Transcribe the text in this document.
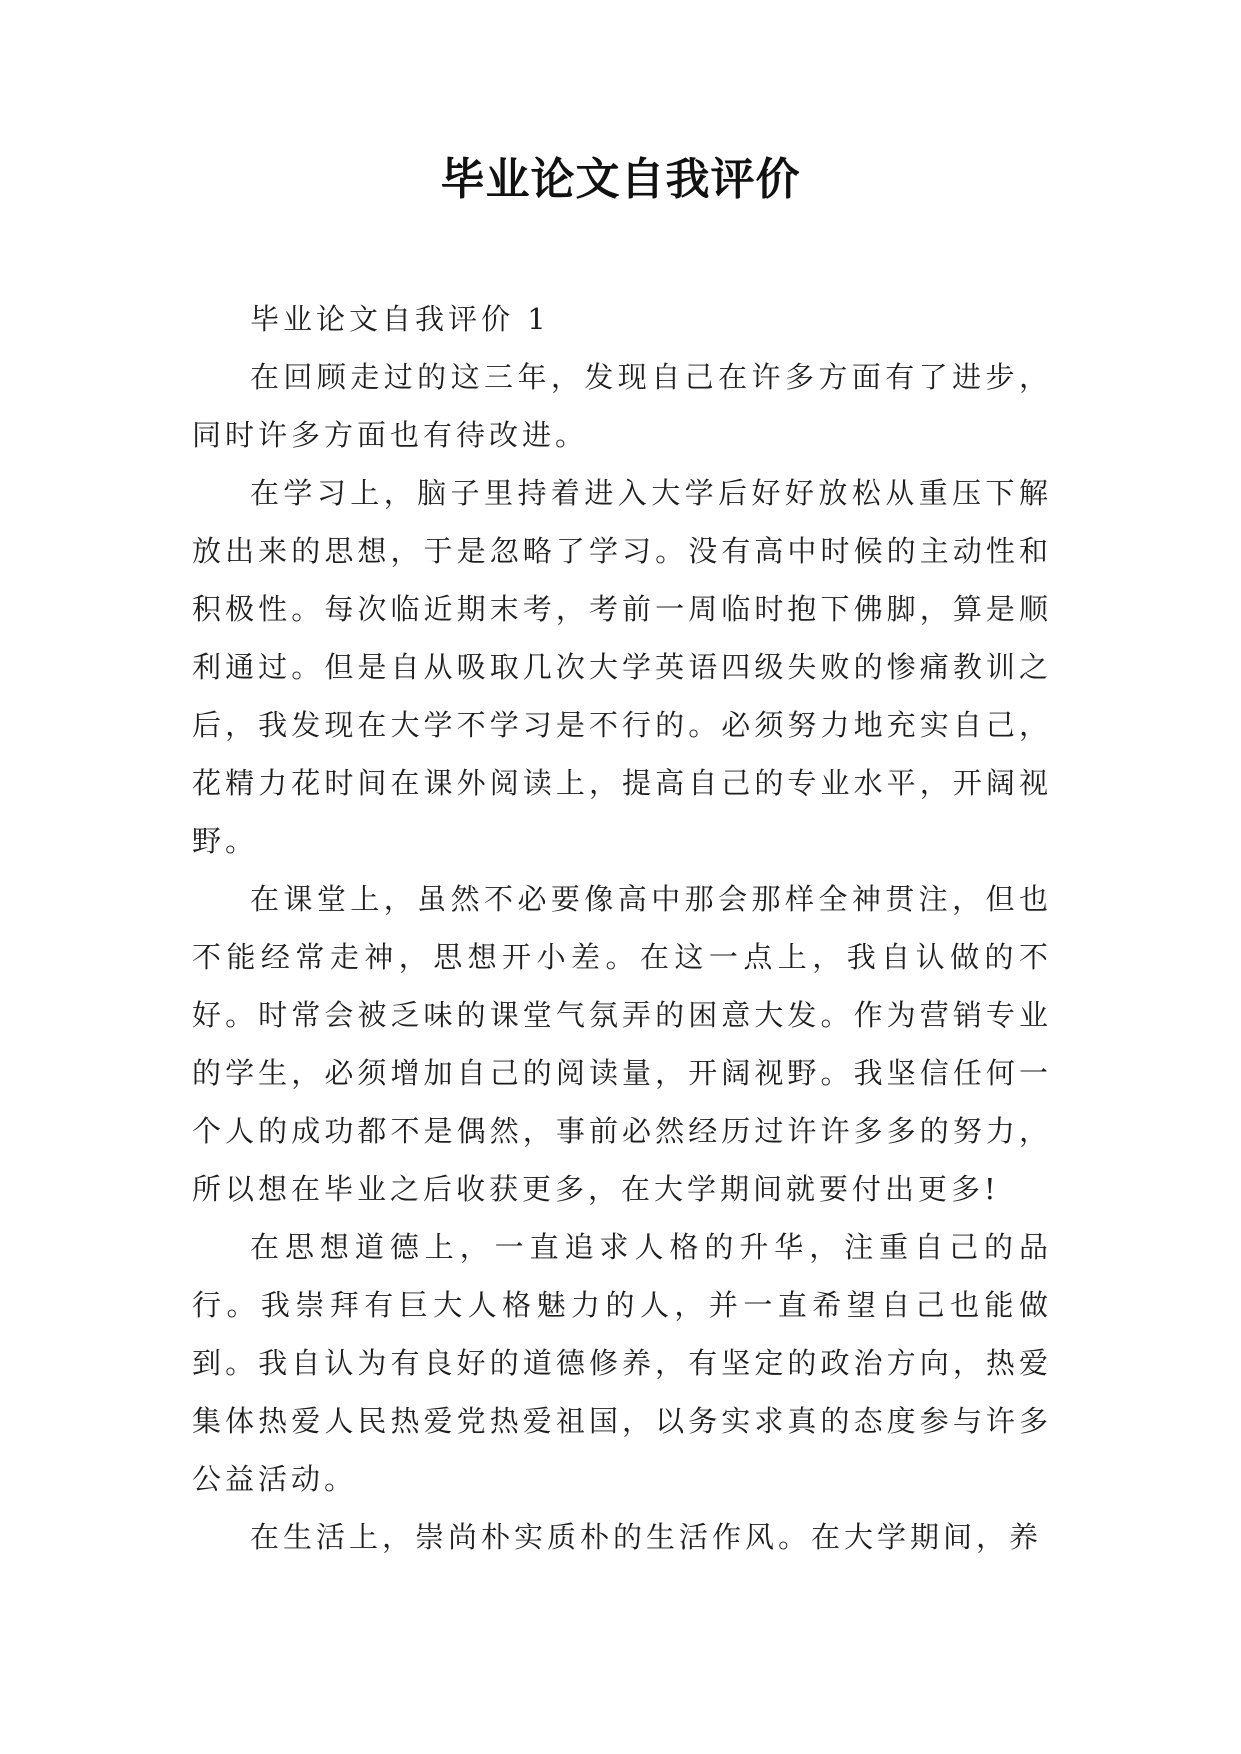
毕业论文自我评价

毕业论文自我评价 1

在回顾走过的这三年，发现自己在许多方面有了进步，同时许多方面也有待改进。

在学习上，脑子里持着进入大学后好好放松从重压下解放出来的思想，于是忽略了学习。没有高中时候的主动性和积极性。每次临近期末考，考前一周临时抱下佛脚，算是顺利通过。但是自从吸取几次大学英语四级失败的惨痛教训之后，我发现在大学不学习是不行的。必须努力地充实自己，花精力花时间在课外阅读上，提高自己的专业水平，开阔视野。

在课堂上，虽然不必要像高中那会那样全神贯注，但也不能经常走神，思想开小差。在这一点上，我自认做的不好。时常会被乏味的课堂气氛弄的困意大发。作为营销专业的学生，必须增加自己的阅读量，开阔视野。我坚信任何一个人的成功都不是偶然，事前必然经历过许许多多的努力，所以想在毕业之后收获更多，在大学期间就要付出更多!

在思想道德上，一直追求人格的升华，注重自己的品行。我崇拜有巨大人格魅力的人，并一直希望自己也能做到。我自认为有良好的道德修养，有坚定的政治方向，热爱集体热爱人民热爱党热爱祖国，以务实求真的态度参与许多公益活动。

在生活上，崇尚朴实质朴的生活作风。在大学期间，养
